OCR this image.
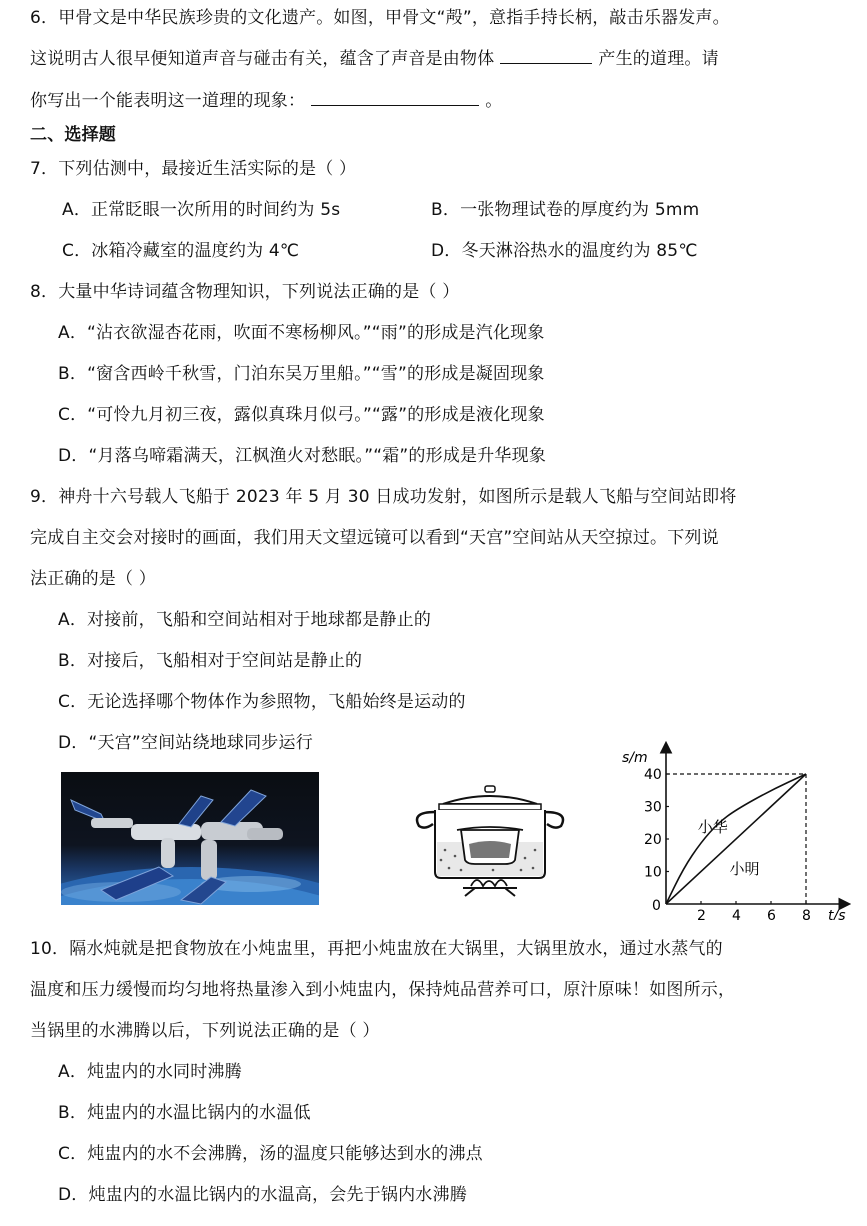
6．甲骨文是中华民族珍贵的文化遗产。如图，甲骨文“殸”，意指手持长柄，敲击乐器发声。
这说明古人很早便知道声音与碰击有关，蕴含了声音是由物体	产生的道理。请
你写出一个能表明这一道理的现象：	。
二、选择题
7．下列估测中，最接近生活实际的是（ ）
A．正常眨眼一次所用的时间约为 5s	B．一张物理试卷的厚度约为 5mm
C．冰箱冷藏室的温度约为 4℃	D．冬天淋浴热水的温度约为 85℃
8．大量中华诗词蕴含物理知识，下列说法正确的是（ ）
A．“沾衣欲湿杏花雨，吹面不寒杨柳风。”“雨”的形成是汽化现象
B．“窗含西岭千秋雪，门泊东吴万里船。”“雪”的形成是凝固现象
C．“可怜九月初三夜，露似真珠月似弓。”“露”的形成是液化现象
D．“月落乌啼霜满天，江枫渔火对愁眠。”“霜”的形成是升华现象
9．神舟十六号载人飞船于 2023 年 5 月 30 日成功发射，如图所示是载人飞船与空间站即将
完成自主交会对接时的画面，我们用天文望远镜可以看到“天宫”空间站从天空掠过。下列说
法正确的是（ ）
A．对接前，飞船和空间站相对于地球都是静止的
B．对接后，飞船相对于空间站是静止的
C．无论选择哪个物体作为参照物，飞船始终是运动的
D．“天宫”空间站绕地球同步运行
s/m
t/s
0
2 4 6 8
10
20
30
40
小华
小明
10．隔水炖就是把食物放在小炖盅里，再把小炖盅放在大锅里，大锅里放水，通过水蒸气的
温度和压力缓慢而均匀地将热量渗入到小炖盅内，保持炖品营养可口，原汁原味！如图所示，
当锅里的水沸腾以后，下列说法正确的是（ ）
A．炖盅内的水同时沸腾
B．炖盅内的水温比锅内的水温低
C．炖盅内的水不会沸腾，汤的温度只能够达到水的沸点
D．炖盅内的水温比锅内的水温高，会先于锅内水沸腾
